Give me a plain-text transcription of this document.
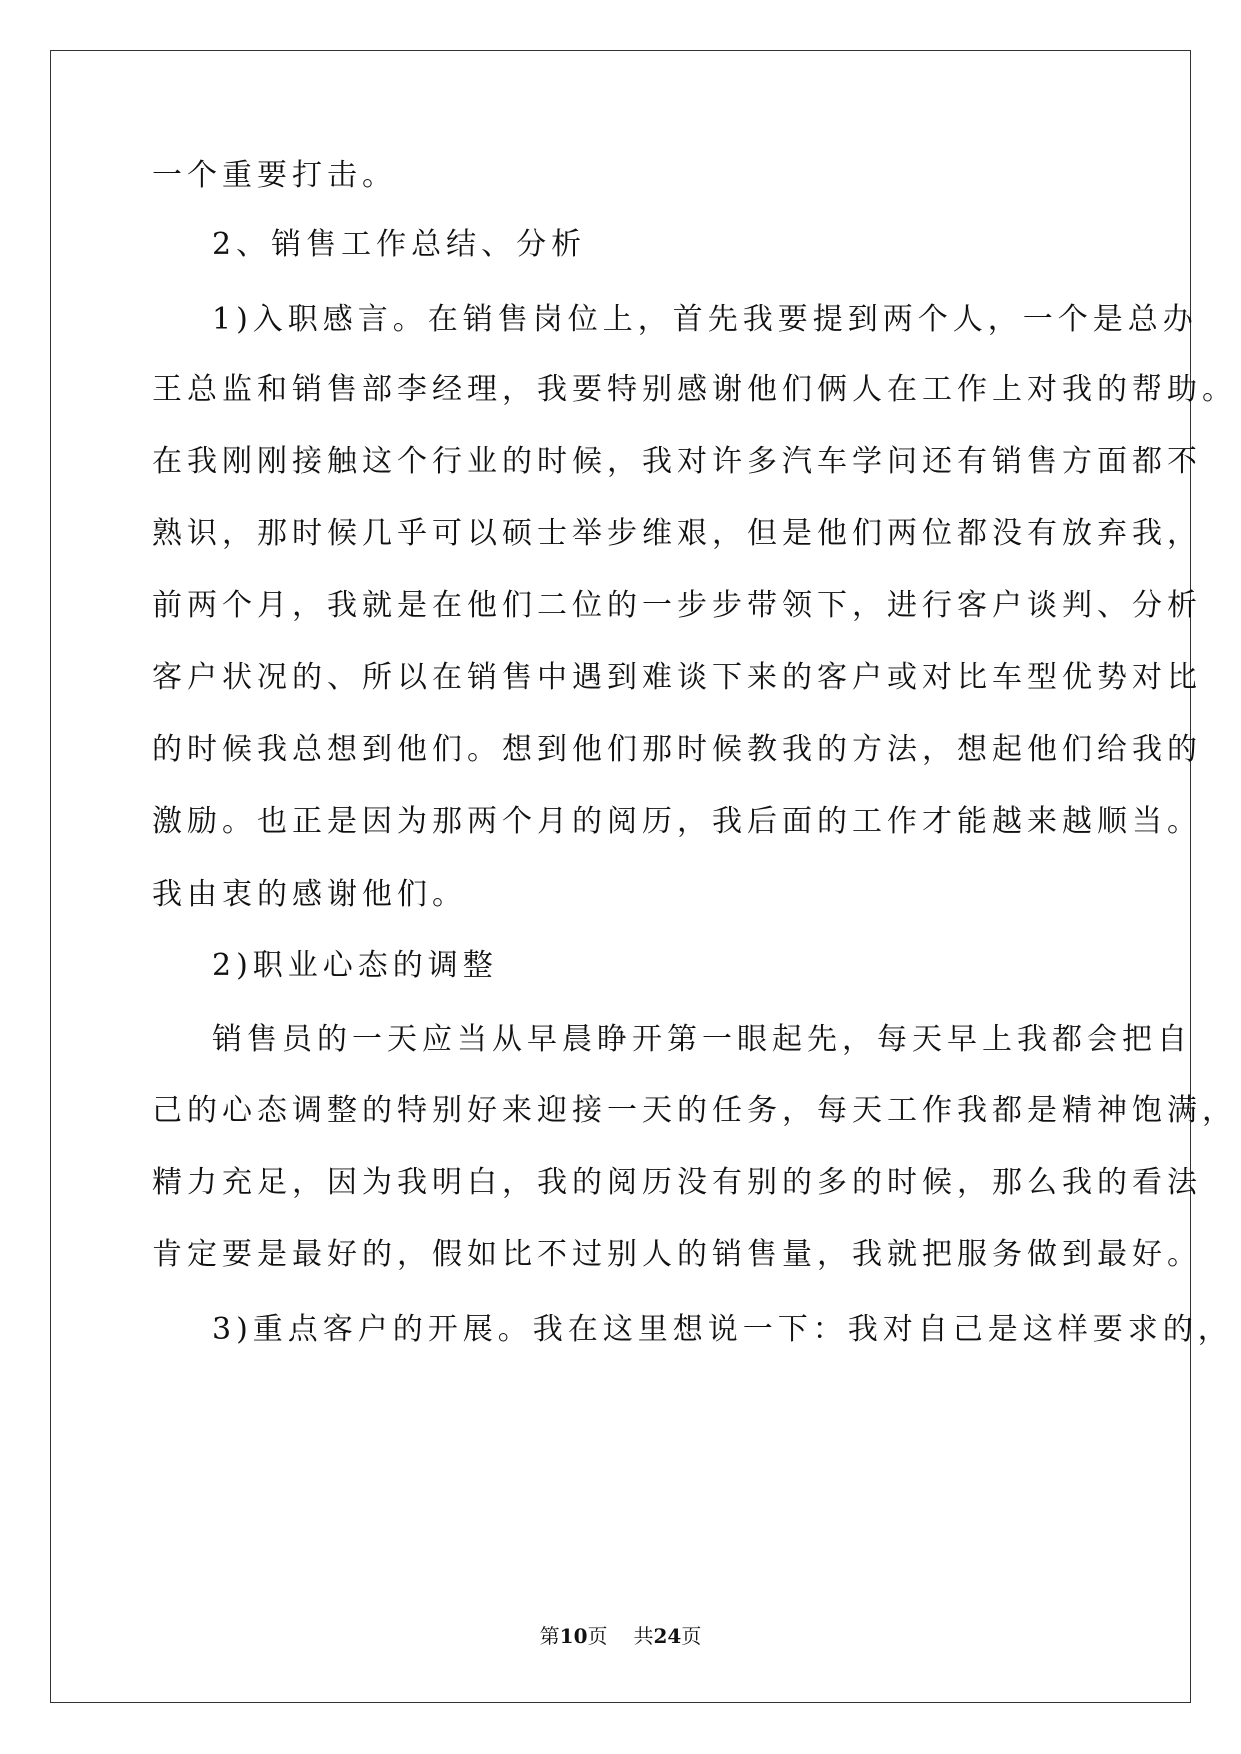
一个重要打击。
2、销售工作总结、分析
1)入职感言。在销售岗位上，首先我要提到两个人，一个是总办
王总监和销售部李经理，我要特别感谢他们俩人在工作上对我的帮助。
在我刚刚接触这个行业的时候，我对许多汽车学问还有销售方面都不
熟识，那时候几乎可以硕士举步维艰，但是他们两位都没有放弃我，
前两个月，我就是在他们二位的一步步带领下，进行客户谈判、分析
客户状况的、所以在销售中遇到难谈下来的客户或对比车型优势对比
的时候我总想到他们。想到他们那时候教我的方法，想起他们给我的
激励。也正是因为那两个月的阅历，我后面的工作才能越来越顺当。
我由衷的感谢他们。
2)职业心态的调整
销售员的一天应当从早晨睁开第一眼起先，每天早上我都会把自
己的心态调整的特别好来迎接一天的任务，每天工作我都是精神饱满，
精力充足，因为我明白，我的阅历没有别的多的时候，那么我的看法
肯定要是最好的，假如比不过别人的销售量，我就把服务做到最好。
3)重点客户的开展。我在这里想说一下：我对自己是这样要求的，
第10页 共24页
